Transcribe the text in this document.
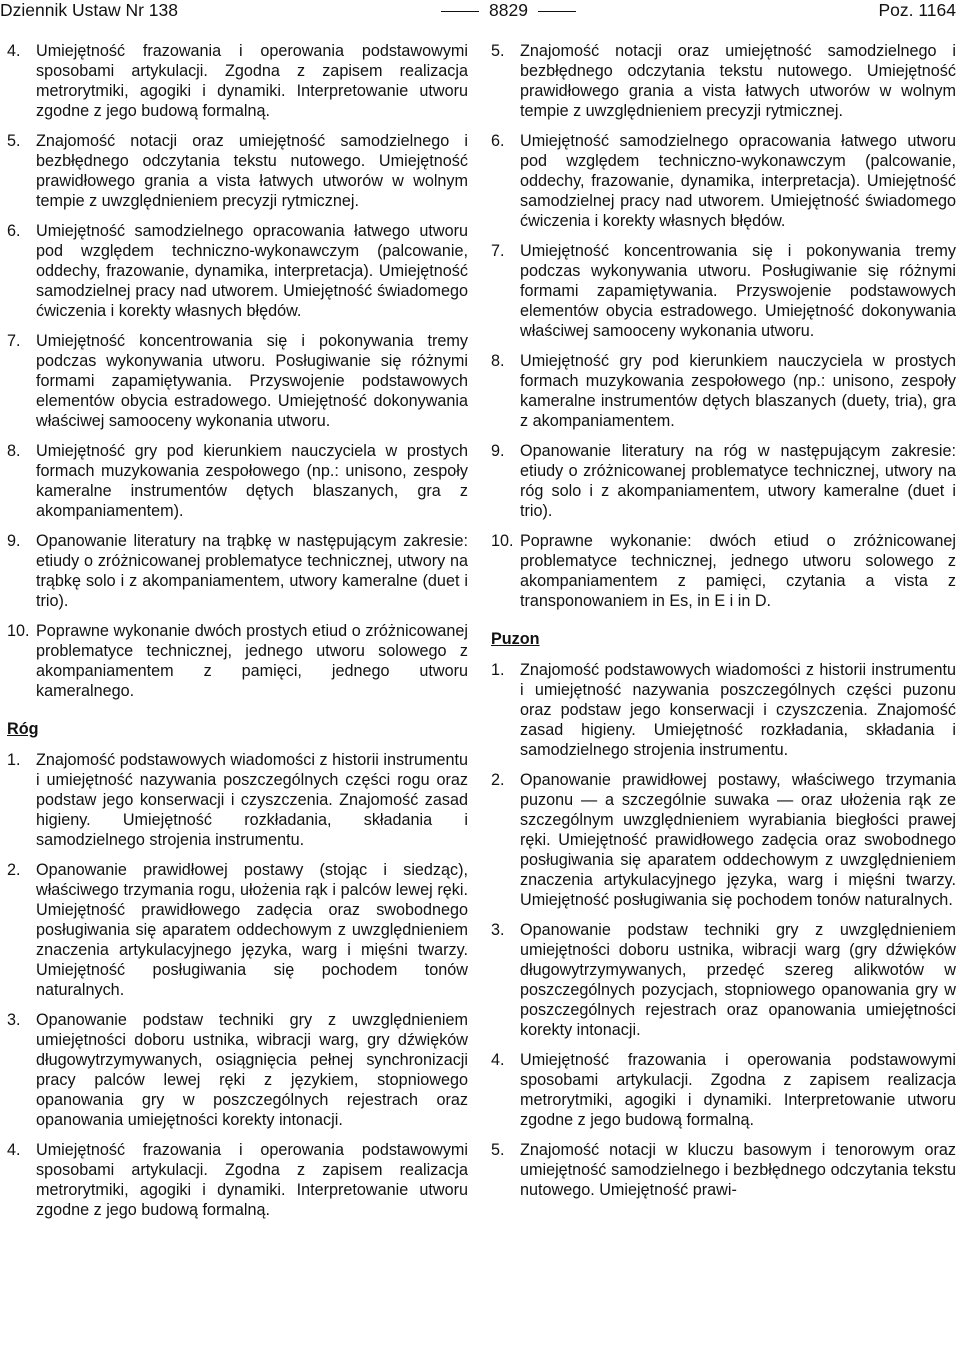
Dziennik Ustaw Nr 138	8829	Poz. 1164
4. Umiejętność frazowania i operowania podstawowymi sposobami artykulacji. Zgodna z zapisem realizacja metrorytmiki, agogiki i dynamiki. Interpretowanie utworu zgodne z jego budową formalną.
5. Znajomość notacji oraz umiejętność samodzielnego i bezbłędnego odczytania tekstu nutowego. Umiejętność prawidłowego grania a vista łatwych utworów w wolnym tempie z uwzględnieniem precyzji rytmicznej.
6. Umiejętność samodzielnego opracowania łatwego utworu pod względem techniczno-wykonawczym (palcowanie, oddechy, frazowanie, dynamika, interpretacja). Umiejętność samodzielnej pracy nad utworem. Umiejętność świadomego ćwiczenia i korekty własnych błędów.
7. Umiejętność koncentrowania się i pokonywania tremy podczas wykonywania utworu. Posługiwanie się różnymi formami zapamiętywania. Przyswojenie podstawowych elementów obycia estradowego. Umiejętność dokonywania właściwej samooceny wykonania utworu.
8. Umiejętność gry pod kierunkiem nauczyciela w prostych formach muzykowania zespołowego (np.: unisono, zespoły kameralne instrumentów dętych blaszanych, gra z akompaniamentem).
9. Opanowanie literatury na trąbkę w następującym zakresie: etiudy o zróżnicowanej problematyce technicznej, utwory na trąbkę solo i z akompaniamentem, utwory kameralne (duet i trio).
10. Poprawne wykonanie dwóch prostych etiud o zróżnicowanej problematyce technicznej, jednego utworu solowego z akompaniamentem z pamięci, jednego utworu kameralnego.
Róg
1. Znajomość podstawowych wiadomości z historii instrumentu i umiejętność nazywania poszczególnych części rogu oraz podstaw jego konserwacji i czyszczenia. Znajomość zasad higieny. Umiejętność rozkładania, składania i samodzielnego strojenia instrumentu.
2. Opanowanie prawidłowej postawy (stojąc i siedząc), właściwego trzymania rogu, ułożenia rąk i palców lewej ręki. Umiejętność prawidłowego zadęcia oraz swobodnego posługiwania się aparatem oddechowym z uwzględnieniem znaczenia artykulacyjnego języka, warg i mięśni twarzy. Umiejętność posługiwania się pochodem tonów naturalnych.
3. Opanowanie podstaw techniki gry z uwzględnieniem umiejętności doboru ustnika, wibracji warg, gry dźwięków długowytrzymywanych, osiągnięcia pełnej synchronizacji pracy palców lewej ręki z językiem, stopniowego opanowania gry w poszczególnych rejestrach oraz opanowania umiejętności korekty intonacji.
4. Umiejętność frazowania i operowania podstawowymi sposobami artykulacji. Zgodna z zapisem realizacja metrorytmiki, agogiki i dynamiki. Interpretowanie utworu zgodne z jego budową formalną.
5. Znajomość notacji oraz umiejętność samodzielnego i bezbłędnego odczytania tekstu nutowego. Umiejętność prawidłowego grania a vista łatwych utworów w wolnym tempie z uwzględnieniem precyzji rytmicznej.
6. Umiejętność samodzielnego opracowania łatwego utworu pod względem techniczno-wykonawczym (palcowanie, oddechy, frazowanie, dynamika, interpretacja). Umiejętność samodzielnej pracy nad utworem. Umiejętność świadomego ćwiczenia i korekty własnych błędów.
7. Umiejętność koncentrowania się i pokonywania tremy podczas wykonywania utworu. Posługiwanie się różnymi formami zapamiętywania. Przyswojenie podstawowych elementów obycia estradowego. Umiejętność dokonywania właściwej samooceny wykonania utworu.
8. Umiejętność gry pod kierunkiem nauczyciela w prostych formach muzykowania zespołowego (np.: unisono, zespoły kameralne instrumentów dętych blaszanych (duety, tria), gra z akompaniamentem.
9. Opanowanie literatury na róg w następującym zakresie: etiudy o zróżnicowanej problematyce technicznej, utwory na róg solo i z akompaniamentem, utwory kameralne (duet i trio).
10. Poprawne wykonanie: dwóch etiud o zróżnicowanej problematyce technicznej, jednego utworu solowego z akompaniamentem z pamięci, czytania a vista z transponowaniem in Es, in E i in D.
Puzon
1. Znajomość podstawowych wiadomości z historii instrumentu i umiejętność nazywania poszczególnych części puzonu oraz podstaw jego konserwacji i czyszczenia. Znajomość zasad higieny. Umiejętność rozkładania, składania i samodzielnego strojenia instrumentu.
2. Opanowanie prawidłowej postawy, właściwego trzymania puzonu — a szczególnie suwaka — oraz ułożenia rąk ze szczególnym uwzględnieniem wyrabiania biegłości prawej ręki. Umiejętność prawidłowego zadęcia oraz swobodnego posługiwania się aparatem oddechowym z uwzględnieniem znaczenia artykulacyjnego języka, warg i mięśni twarzy. Umiejętność posługiwania się pochodem tonów naturalnych.
3. Opanowanie podstaw techniki gry z uwzględnieniem umiejętności doboru ustnika, wibracji warg (gry dźwięków długowytrzymywanych, przedęć szereg alikwotów w poszczególnych pozycjach, stopniowego opanowania gry w poszczególnych rejestrach oraz opanowania umiejętności korekty intonacji.
4. Umiejętność frazowania i operowania podstawowymi sposobami artykulacji. Zgodna z zapisem realizacja metrorytmiki, agogiki i dynamiki. Interpretowanie utworu zgodne z jego budową formalną.
5. Znajomość notacji w kluczu basowym i tenorowym oraz umiejętność samodzielnego i bezbłędnego odczytania tekstu nutowego. Umiejętność prawi-
